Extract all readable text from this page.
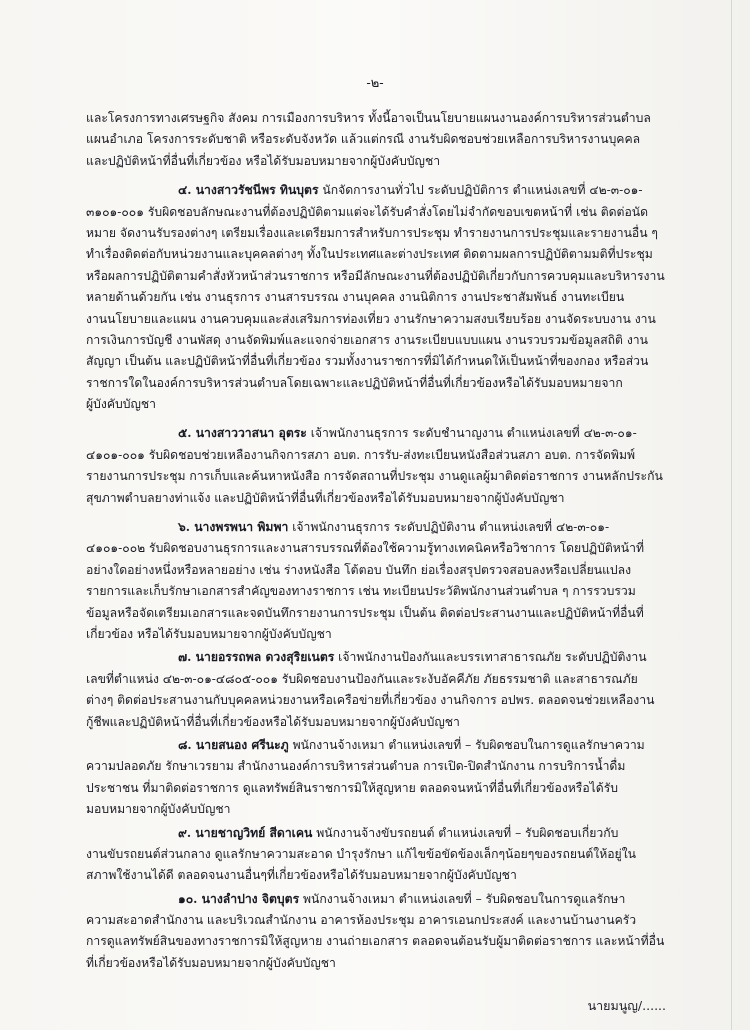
-๒-
และโครงการทางเศรษฐกิจ สังคม การเมืองการบริหาร ทั้งนี้อาจเป็นนโยบายแผนงานองค์การบริหารส่วนตำบล
แผนอำเภอ โครงการระดับชาติ หรือระดับจังหวัด แล้วแต่กรณี งานรับผิดชอบช่วยเหลือการบริหารงานบุคคล
และปฏิบัติหน้าที่อื่นที่เกี่ยวข้อง หรือได้รับมอบหมายจากผู้บังคับบัญชา
๔. นางสาวรัชนีพร ทินบุตร นักจัดการงานทั่วไป ระดับปฏิบัติการ ตำแหน่งเลขที่ ๔๒-๓-๐๑-
๓๑๐๑-๐๐๑ รับผิดชอบลักษณะงานที่ต้องปฏิบัติตามแต่จะได้รับคำสั่งโดยไม่จำกัดขอบเขตหน้าที่ เช่น ติดต่อนัด
หมาย จัดงานรับรองต่างๆ เตรียมเรื่องและเตรียมการสำหรับการประชุม ทำรายงานการประชุมและรายงานอื่น ๆ
ทำเรื่องติดต่อกับหน่วยงานและบุคคลต่างๆ ทั้งในประเทศและต่างประเทศ ติดตามผลการปฏิบัติตามมติที่ประชุม
หรือผลการปฏิบัติตามคำสั่งหัวหน้าส่วนราชการ หรือมีลักษณะงานที่ต้องปฏิบัติเกี่ยวกับการควบคุมและบริหารงาน
หลายด้านด้วยกัน เช่น งานธุรการ งานสารบรรณ งานบุคคล งานนิติการ งานประชาสัมพันธ์ งานทะเบียน
งานนโยบายและแผน งานควบคุมและส่งเสริมการท่องเที่ยว งานรักษาความสงบเรียบร้อย งานจัดระบบงาน งาน
การเงินการบัญชี งานพัสดุ งานจัดพิมพ์และแจกจ่ายเอกสาร งานระเบียบแบบแผน งานรวบรวมข้อมูลสถิติ งาน
สัญญา เป็นต้น และปฏิบัติหน้าที่อื่นที่เกี่ยวข้อง รวมทั้งงานราชการที่มิได้กำหนดให้เป็นหน้าที่ของกอง หรือส่วน
ราชการใดในองค์การบริหารส่วนตำบลโดยเฉพาะและปฏิบัติหน้าที่อื่นที่เกี่ยวข้องหรือได้รับมอบหมายจาก
ผู้บังคับบัญชา
๕. นางสาววาสนา อุตระ เจ้าพนักงานธุรการ ระดับชำนาญงาน ตำแหน่งเลขที่ ๔๒-๓-๐๑-
๔๑๐๑-๐๐๑ รับผิดชอบช่วยเหลืองานกิจการสภา อบต. การรับ-ส่งทะเบียนหนังสือส่วนสภา อบต. การจัดพิมพ์
รายงานการประชุม การเก็บและค้นหาหนังสือ การจัดสถานที่ประชุม งานดูแลผู้มาติดต่อราชการ งานหลักประกัน
สุขภาพตำบลยางท่าแจ้ง และปฏิบัติหน้าที่อื่นที่เกี่ยวข้องหรือได้รับมอบหมายจากผู้บังคับบัญชา
๖. นางพรพนา พิมพา เจ้าพนักงานธุรการ ระดับปฏิบัติงาน ตำแหน่งเลขที่ ๔๒-๓-๐๑-
๔๑๐๑-๐๐๒ รับผิดชอบงานธุรการและงานสารบรรณที่ต้องใช้ความรู้ทางเทคนิคหรือวิชาการ โดยปฏิบัติหน้าที่
อย่างใดอย่างหนึ่งหรือหลายอย่าง เช่น ร่างหนังสือ โต้ตอบ บันทึก ย่อเรื่องสรุปตรวจสอบลงหรือเปลี่ยนแปลง
รายการและเก็บรักษาเอกสารสำคัญของทางราชการ เช่น ทะเบียนประวัติพนักงานส่วนตำบล ๆ การรวบรวม
ข้อมูลหรือจัดเตรียมเอกสารและจดบันทึกรายงานการประชุม เป็นต้น ติดต่อประสานงานและปฏิบัติหน้าที่อื่นที่
เกี่ยวข้อง หรือได้รับมอบหมายจากผู้บังคับบัญชา
๗. นายอรรถพล ดวงสุริยเนตร เจ้าพนักงานป้องกันและบรรเทาสาธารณภัย ระดับปฏิบัติงาน
เลขที่ตำแหน่ง ๔๒-๓-๐๑-๔๘๐๕-๐๐๑ รับผิดชอบงานป้องกันและระงับอัคคีภัย ภัยธรรมชาติ และสาธารณภัย
ต่างๆ ติดต่อประสานงานกับบุคคลหน่วยงานหรือเครือข่ายที่เกี่ยวข้อง งานกิจการ อปพร. ตลอดจนช่วยเหลืองาน
กู้ชีพและปฏิบัติหน้าที่อื่นที่เกี่ยวข้องหรือได้รับมอบหมายจากผู้บังคับบัญชา
๘. นายสนอง ศรีนะภู พนักงานจ้างเหมา ตำแหน่งเลขที่ – รับผิดชอบในการดูแลรักษาความ
ความปลอดภัย รักษาเวรยาม สำนักงานองค์การบริหารส่วนตำบล การเปิด-ปิดสำนักงาน การบริการน้ำดื่ม
ประชาชน ที่มาติดต่อราชการ ดูแลทรัพย์สินราชการมิให้สูญหาย ตลอดจนหน้าที่อื่นที่เกี่ยวข้องหรือได้รับ
มอบหมายจากผู้บังคับบัญชา
๙. นายชาญวิทย์ สีดาเคน พนักงานจ้างขับรถยนต์ ตำแหน่งเลขที่ – รับผิดชอบเกี่ยวกับ
งานขับรถยนต์ส่วนกลาง ดูแลรักษาความสะอาด บำรุงรักษา แก้ไขข้อขัดข้องเล็กๆน้อยๆของรถยนต์ให้อยู่ใน
สภาพใช้งานได้ดี ตลอดจนงานอื่นๆที่เกี่ยวข้องหรือได้รับมอบหมายจากผู้บังคับบัญชา
๑๐. นางลำปาง จิตบุตร พนักงานจ้างเหมา ตำแหน่งเลขที่ – รับผิดชอบในการดูแลรักษา
ความสะอาดสำนักงาน และบริเวณสำนักงาน อาคารห้องประชุม อาคารเอนกประสงค์ และงานบ้านงานครัว
การดูแลทรัพย์สินของทางราชการมิให้สูญหาย งานถ่ายเอกสาร ตลอดจนต้อนรับผู้มาติดต่อราชการ และหน้าที่อื่น
ที่เกี่ยวข้องหรือได้รับมอบหมายจากผู้บังคับบัญชา
นายมนูญ/......
